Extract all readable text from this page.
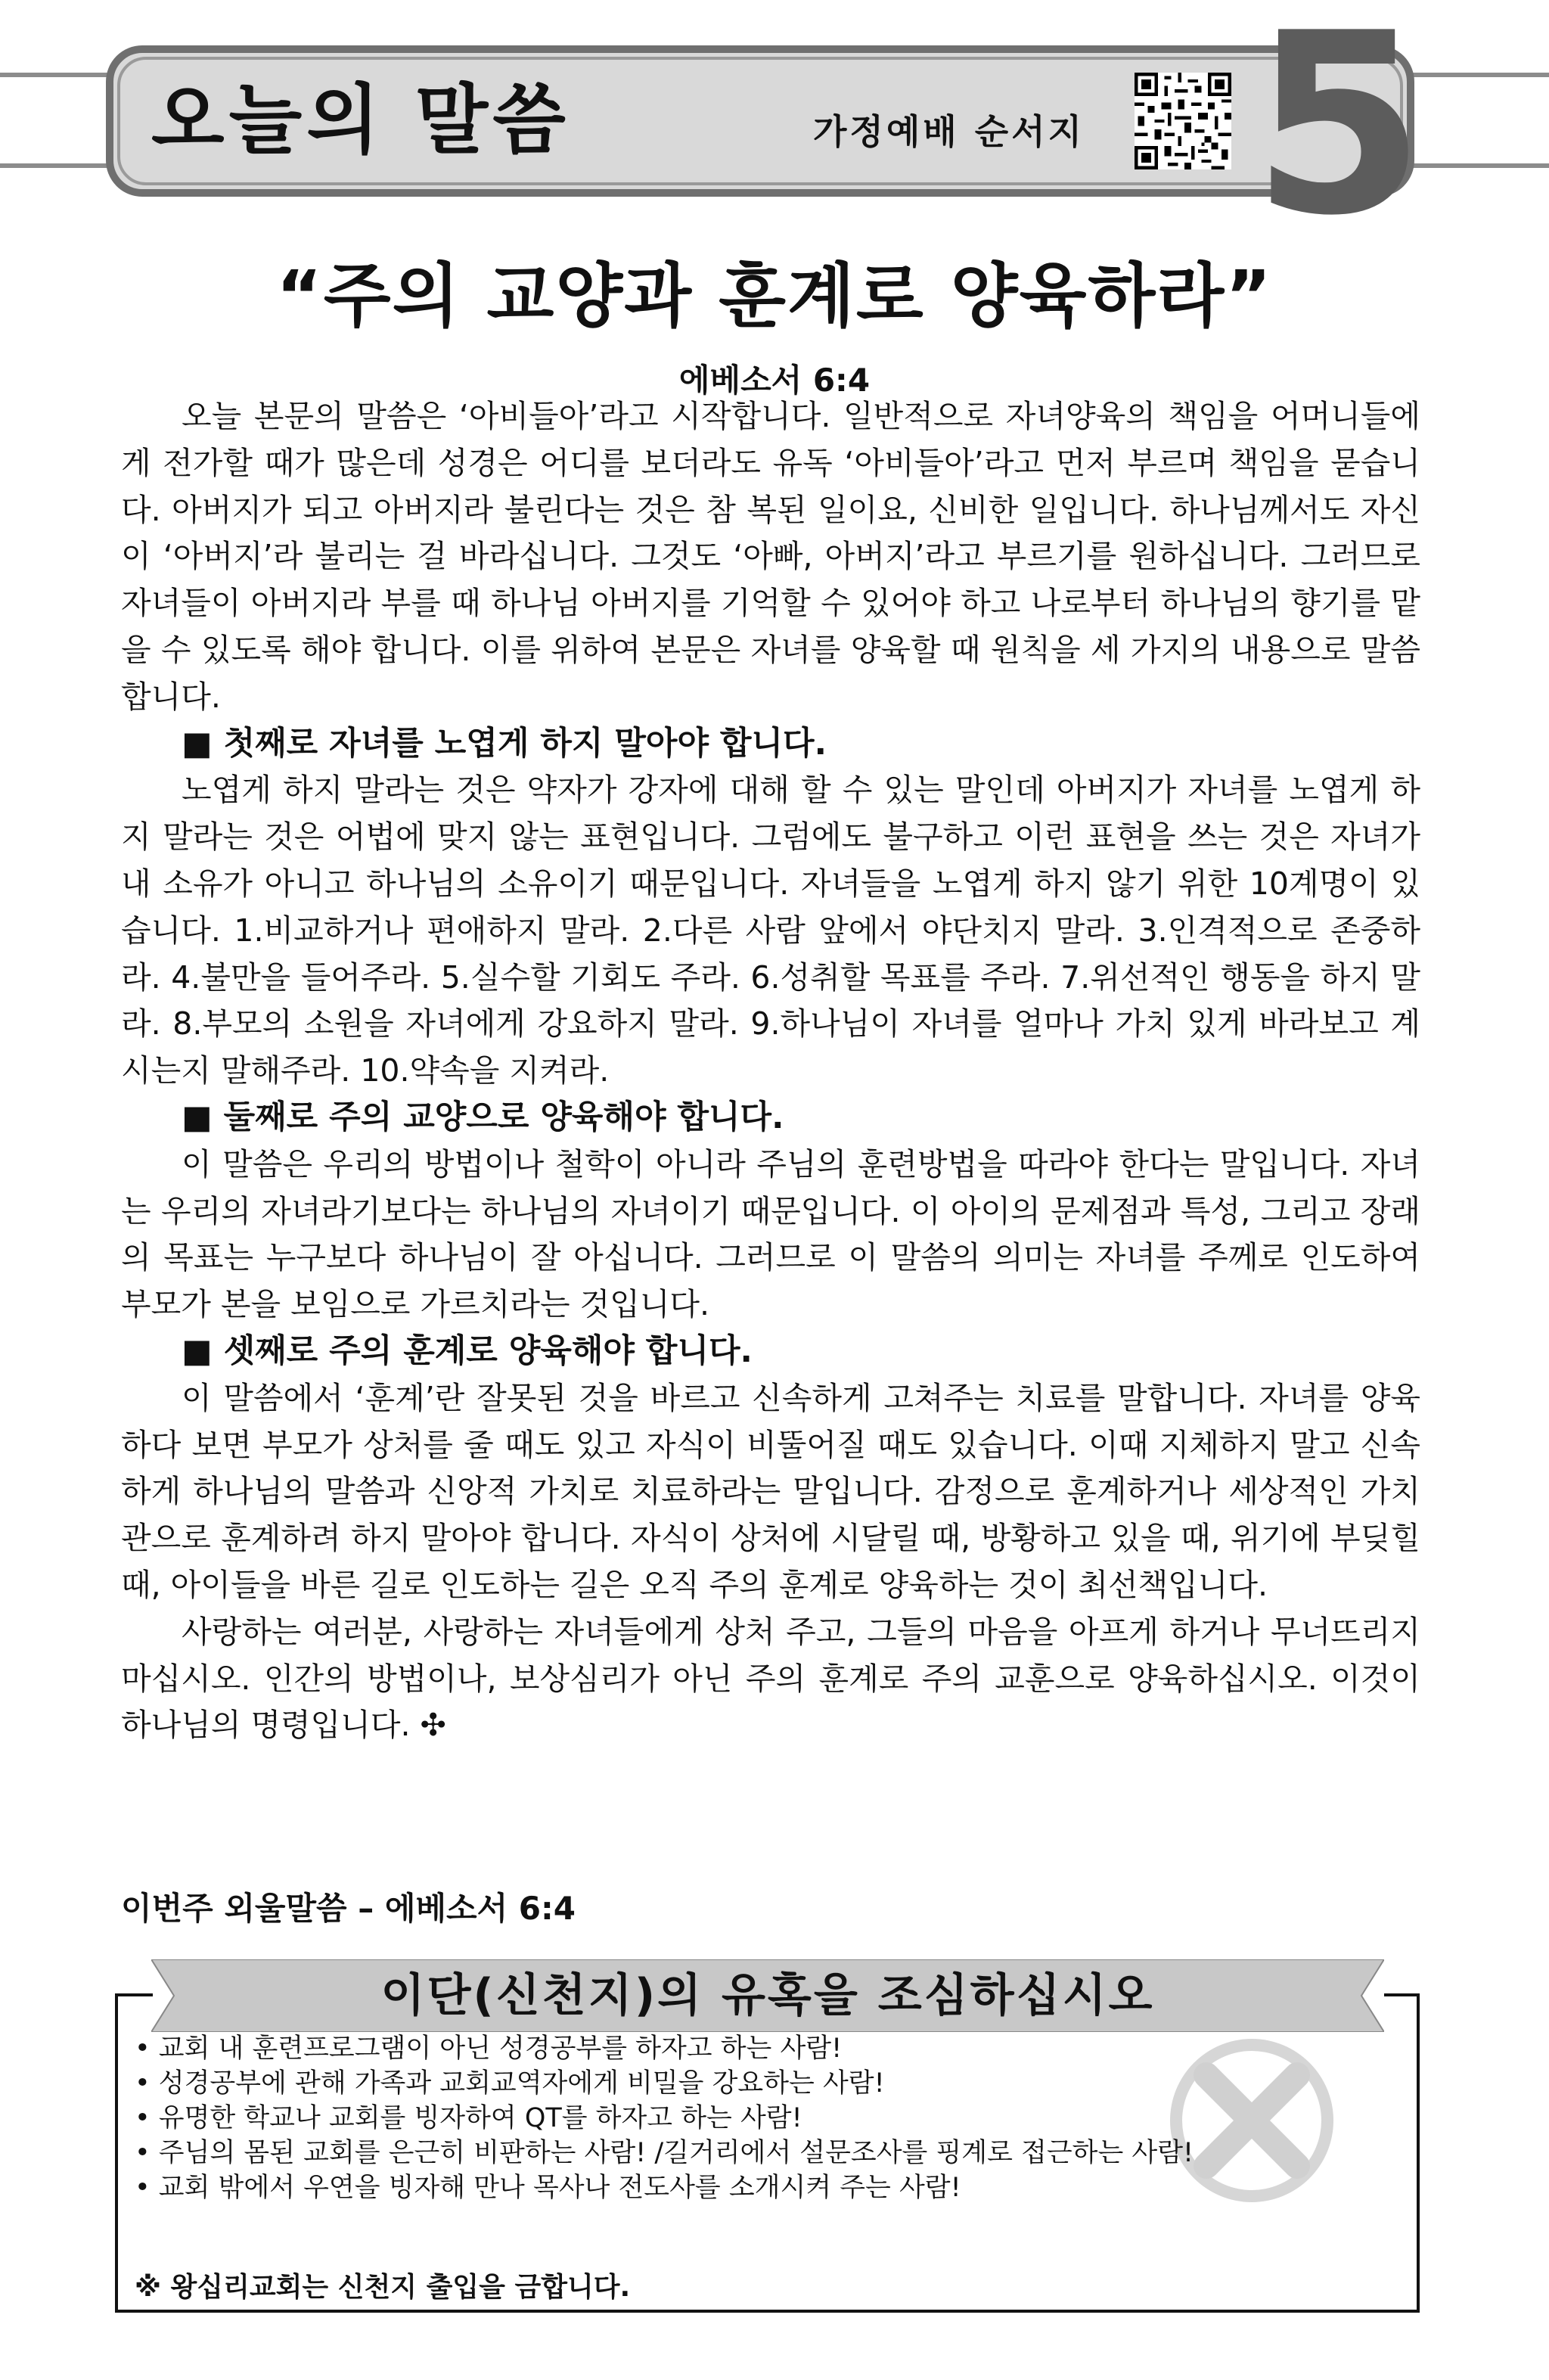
오늘의 말씀	가정예배 순서지 5
“주의 교양과 훈계로 양육하라”
에베소서 6:4

오늘 본문의 말씀은 ‘아비들아’라고 시작합니다. 일반적으로 자녀양육의 책임을 어머니들에게 전가할 때가 많은데 성경은 어디를 보더라도 유독 ‘아비들아’라고 먼저 부르며 책임을 묻습니다. 아버지가 되고 아버지라 불린다는 것은 참 복된 일이요, 신비한 일입니다. 하나님께서도 자신이 ‘아버지’라 불리는 걸 바라십니다. 그것도 ‘아빠, 아버지’라고 부르기를 원하십니다. 그러므로 자녀들이 아버지라 부를 때 하나님 아버지를 기억할 수 있어야 하고 나로부터 하나님의 향기를 맡을 수 있도록 해야 합니다. 이를 위하여 본문은 자녀를 양육할 때 원칙을 세 가지의 내용으로 말씀합니다.

■ 첫째로 자녀를 노엽게 하지 말아야 합니다.

노엽게 하지 말라는 것은 약자가 강자에 대해 할 수 있는 말인데 아버지가 자녀를 노엽게 하지 말라는 것은 어법에 맞지 않는 표현입니다. 그럼에도 불구하고 이런 표현을 쓰는 것은 자녀가 내 소유가 아니고 하나님의 소유이기 때문입니다. 자녀들을 노엽게 하지 않기 위한 10계명이 있습니다. 1.비교하거나 편애하지 말라. 2.다른 사람 앞에서 야단치지 말라. 3.인격적으로 존중하라. 4.불만을 들어주라. 5.실수할 기회도 주라. 6.성취할 목표를 주라. 7.위선적인 행동을 하지 말라. 8.부모의 소원을 자녀에게 강요하지 말라. 9.하나님이 자녀를 얼마나 가치 있게 바라보고 계시는지 말해주라. 10.약속을 지켜라.

■ 둘째로 주의 교양으로 양육해야 합니다.

이 말씀은 우리의 방법이나 철학이 아니라 주님의 훈련방법을 따라야 한다는 말입니다. 자녀는 우리의 자녀라기보다는 하나님의 자녀이기 때문입니다. 이 아이의 문제점과 특성, 그리고 장래의 목표는 누구보다 하나님이 잘 아십니다. 그러므로 이 말씀의 의미는 자녀를 주께로 인도하여 부모가 본을 보임으로 가르치라는 것입니다.

■ 셋째로 주의 훈계로 양육해야 합니다.

이 말씀에서 ‘훈계’란 잘못된 것을 바르고 신속하게 고쳐주는 치료를 말합니다. 자녀를 양육하다 보면 부모가 상처를 줄 때도 있고 자식이 비뚤어질 때도 있습니다. 이때 지체하지 말고 신속하게 하나님의 말씀과 신앙적 가치로 치료하라는 말입니다. 감정으로 훈계하거나 세상적인 가치관으로 훈계하려 하지 말아야 합니다. 자식이 상처에 시달릴 때, 방황하고 있을 때, 위기에 부딪힐 때, 아이들을 바른 길로 인도하는 길은 오직 주의 훈계로 양육하는 것이 최선책입니다.

사랑하는 여러분, 사랑하는 자녀들에게 상처 주고, 그들의 마음을 아프게 하거나 무너뜨리지 마십시오. 인간의 방법이나, 보상심리가 아닌 주의 훈계로 주의 교훈으로 양육하십시오. 이것이 하나님의 명령입니다. ✣

이번주 외울말씀 – 에베소서 6:4
이단(신천지)의 유혹을 조심하십시오
• 교회 내 훈련프로그램이 아닌 성경공부를 하자고 하는 사람!
• 성경공부에 관해 가족과 교회교역자에게 비밀을 강요하는 사람!
• 유명한 학교나 교회를 빙자하여 QT를 하자고 하는 사람!
• 주님의 몸된 교회를 은근히 비판하는 사람! /길거리에서 설문조사를 핑계로 접근하는 사람!
• 교회 밖에서 우연을 빙자해 만나 목사나 전도사를 소개시켜 주는 사람!
※ 왕십리교회는 신천지 출입을 금합니다.
